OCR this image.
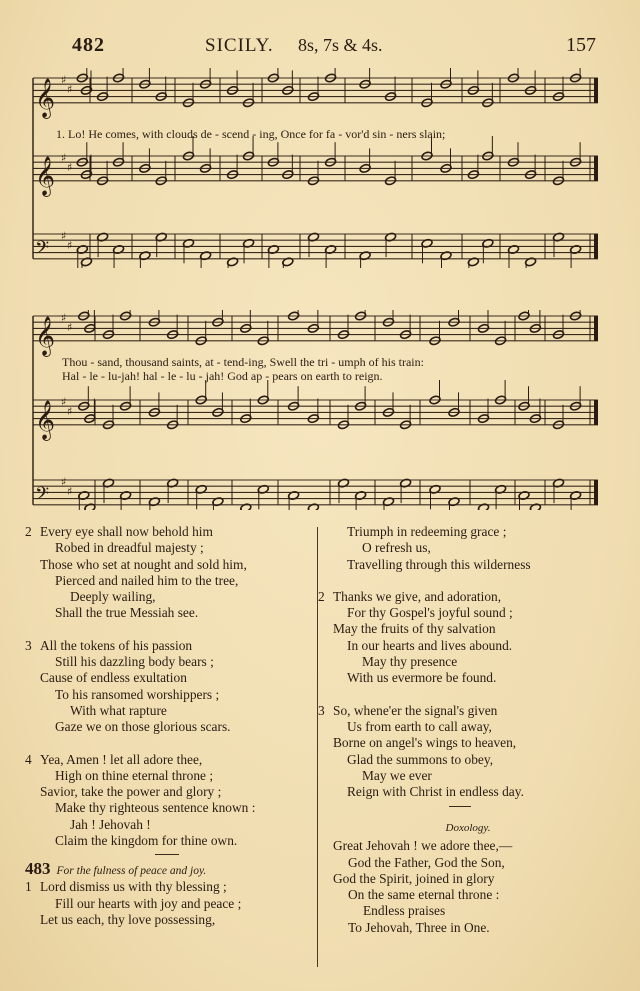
482	SICILY. 8s, 7s & 4s.	157
𝄞 ♯
♯
𝄞 ♯
♯
𝄢
♯
♯
1. Lo! He comes, with clouds de - scend - ing, Once for fa - vor'd sin - ners slain;
𝄞 ♯
♯
𝄞 ♯
♯
𝄢
♯
♯
Thou - sand, thousand saints, at - tend-ing, Swell the tri - umph of his train:
Hal - le - lu-jah! hal - le - lu - jah! God ap - pears on earth to reign.
2 Every eye shall now behold him
Robed in dreadful majesty ;
Those who set at nought and sold him,
Pierced and nailed him to the tree,
Deeply wailing,
Shall the true Messiah see.
3 All the tokens of his passion
Still his dazzling body bears ;
Cause of endless exultation
To his ransomed worshippers ;
With what rapture
Gaze we on those glorious scars.
4 Yea, Amen ! let all adore thee,
High on thine eternal throne ;
Savior, take the power and glory ;
Make thy righteous sentence known :
Jah ! Jehovah !
Claim the kingdom for thine own.
483 For the fulness of peace and joy.
1 Lord dismiss us with thy blessing ;
Fill our hearts with joy and peace ;
Let us each, thy love possessing,
Triumph in redeeming grace ;
O refresh us,
Travelling through this wilderness
2 Thanks we give, and adoration,
For thy Gospel's joyful sound ;
May the fruits of thy salvation
In our hearts and lives abound.
May thy presence
With us evermore be found.
3 So, whene'er the signal's given
Us from earth to call away,
Borne on angel's wings to heaven,
Glad the summons to obey,
May we ever
Reign with Christ in endless day.
Doxology.
Great Jehovah ! we adore thee,—
God the Father, God the Son,
God the Spirit, joined in glory
On the same eternal throne :
Endless praises
To Jehovah, Three in One.
